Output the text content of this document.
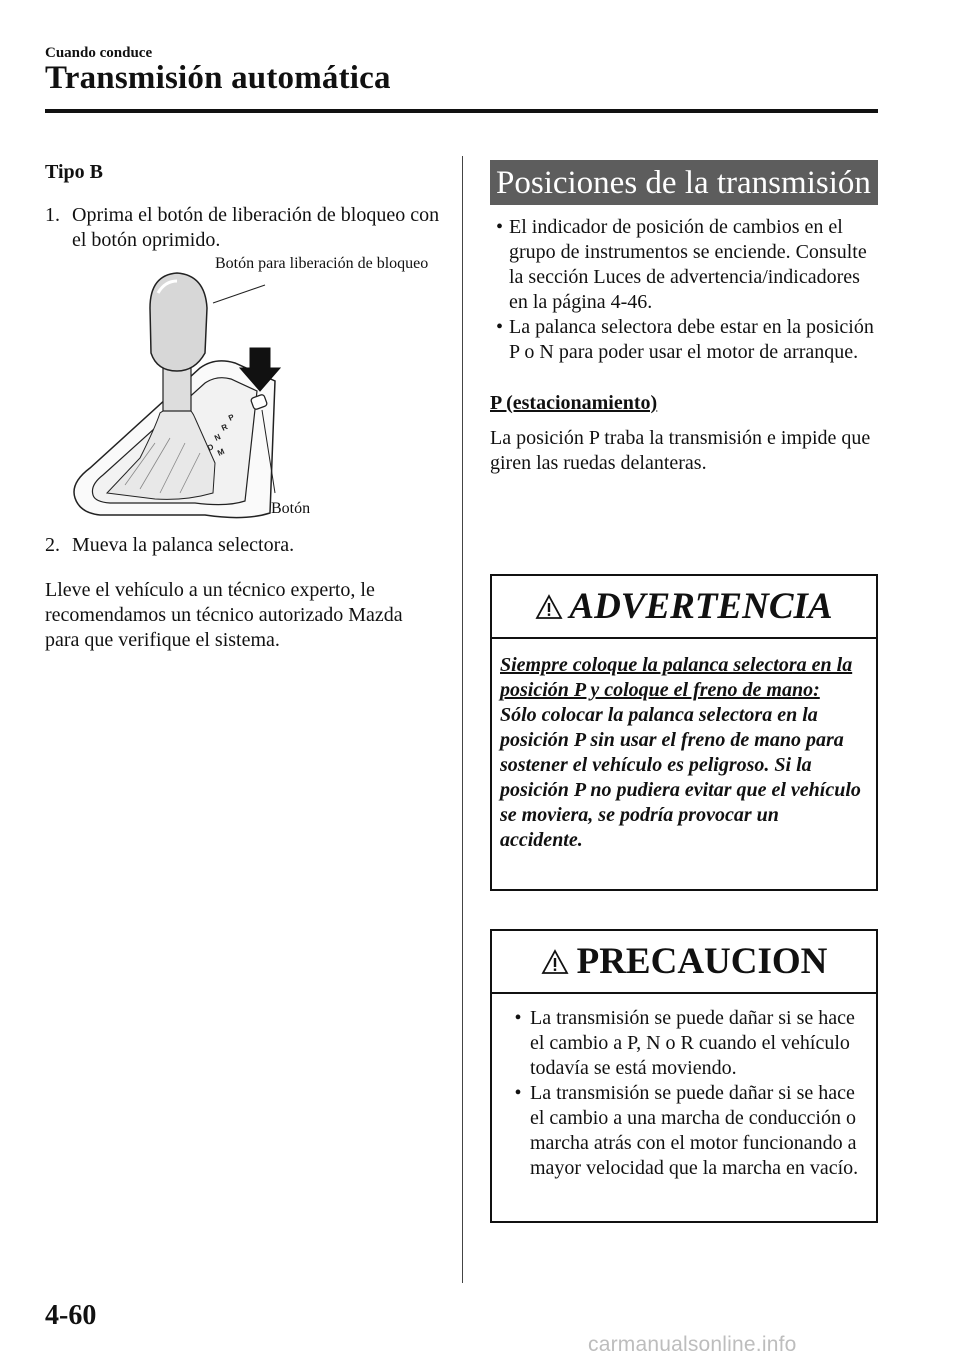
Cuando conduce
Transmisión automática
Tipo B
1. Oprima el botón de liberación de bloqueo con el botón oprimido.
Botón para liberación de bloqueo
P
R
N
D M
Botón
2. Mueva la palanca selectora.
Lleve el vehículo a un técnico experto, le recomendamos un técnico autorizado Mazda para que verifique el sistema.
Posiciones de la transmisión
• El indicador de posición de cambios en el grupo de instrumentos se enciende. Consulte la sección Luces de advertencia/indicadores en la página 4-46.
• La palanca selectora debe estar en la posición P o N para poder usar el motor de arranque.
P (estacionamiento)
La posición P traba la transmisión e impide que giren las ruedas delanteras.
ADVERTENCIA
Siempre coloque la palanca selectora en la posición P y coloque el freno de mano:
Sólo colocar la palanca selectora en la posición P sin usar el freno de mano para sostener el vehículo es peligroso. Si la posición P no pudiera evitar que el vehículo se moviera, se podría provocar un accidente.
PRECAUCION
• La transmisión se puede dañar si se hace el cambio a P, N o R cuando el vehículo todavía se está moviendo.
• La transmisión se puede dañar si se hace el cambio a una marcha de conducción o marcha atrás con el motor funcionando a mayor velocidad que la marcha en vacío.
4-60
carmanualsonline.info
